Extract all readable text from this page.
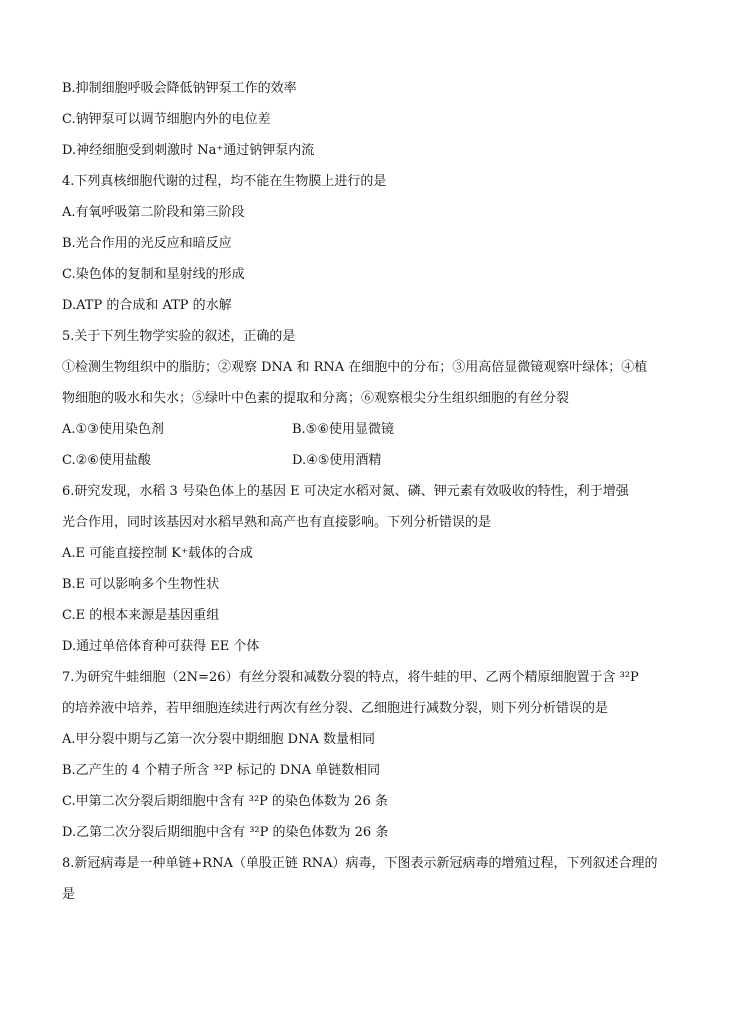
B.抑制细胞呼吸会降低钠钾泵工作的效率
C.钠钾泵可以调节细胞内外的电位差
D.神经细胞受到刺激时 Na⁺通过钠钾泵内流
4.下列真核细胞代谢的过程，均不能在生物膜上进行的是
A.有氧呼吸第二阶段和第三阶段
B.光合作用的光反应和暗反应
C.染色体的复制和星射线的形成
D.ATP 的合成和 ATP 的水解
5.关于下列生物学实验的叙述，正确的是
①检测生物组织中的脂肪；②观察 DNA 和 RNA 在细胞中的分布；③用高倍显微镜观察叶绿体；④植
物细胞的吸水和失水；⑤绿叶中色素的提取和分离；⑥观察根尖分生组织细胞的有丝分裂
A.①③使用染色剂	B.⑤⑥使用显微镜
C.②⑥使用盐酸	D.④⑤使用酒精
6.研究发现，水稻 3 号染色体上的基因 E 可决定水稻对氮、磷、钾元素有效吸收的特性，利于增强
光合作用，同时该基因对水稻早熟和高产也有直接影响。下列分析错误的是
A.E 可能直接控制 K⁺载体的合成
B.E 可以影响多个生物性状
C.E 的根本来源是基因重组
D.通过单倍体育种可获得 EE 个体
7.为研究牛蛙细胞（2N=26）有丝分裂和减数分裂的特点，将牛蛙的甲、乙两个精原细胞置于含 ³²P
的培养液中培养，若甲细胞连续进行两次有丝分裂、乙细胞进行减数分裂，则下列分析错误的是
A.甲分裂中期与乙第一次分裂中期细胞 DNA 数量相同
B.乙产生的 4 个精子所含 ³²P 标记的 DNA 单链数相同
C.甲第二次分裂后期细胞中含有 ³²P 的染色体数为 26 条
D.乙第二次分裂后期细胞中含有 ³²P 的染色体数为 26 条
8.新冠病毒是一种单链+RNA（单股正链 RNA）病毒，下图表示新冠病毒的增殖过程，下列叙述合理的
是
